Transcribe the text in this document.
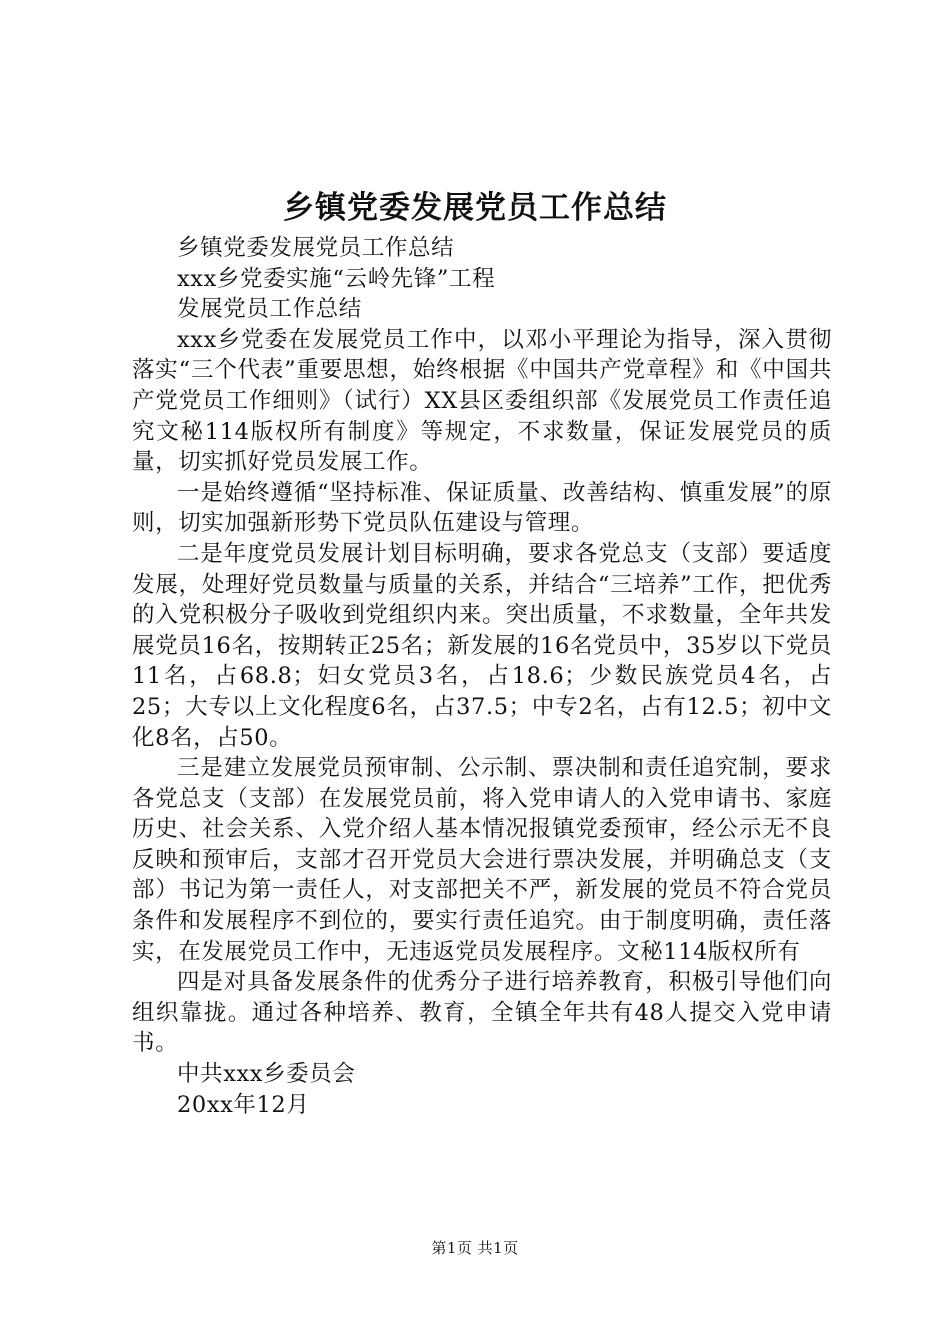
乡镇党委发展党员工作总结

乡镇党委发展党员工作总结

xxx乡党委实施“云岭先锋”工程

发展党员工作总结

xxx乡党委在发展党员工作中，以邓小平理论为指导，深入贯彻落实“三个代表”重要思想，始终根据《中国共产党章程》和《中国共产党党员工作细则》（试行）XX县区委组织部《发展党员工作责任追究文秘114版权所有制度》等规定，不求数量，保证发展党员的质量，切实抓好党员发展工作。

一是始终遵循“坚持标准、保证质量、改善结构、慎重发展”的原则，切实加强新形势下党员队伍建设与管理。

二是年度党员发展计划目标明确，要求各党总支（支部）要适度发展，处理好党员数量与质量的关系，并结合“三培养”工作，把优秀的入党积极分子吸收到党组织内来。突出质量，不求数量，全年共发展党员16名，按期转正25名；新发展的16名党员中，35岁以下党员11名，占68.8；妇女党员3名，占18.6；少数民族党员4名，占25；大专以上文化程度6名，占37.5；中专2名，占有12.5；初中文化8名，占50。

三是建立发展党员预审制、公示制、票决制和责任追究制，要求各党总支（支部）在发展党员前，将入党申请人的入党申请书、家庭历史、社会关系、入党介绍人基本情况报镇党委预审，经公示无不良反映和预审后，支部才召开党员大会进行票决发展，并明确总支（支部）书记为第一责任人，对支部把关不严，新发展的党员不符合党员条件和发展程序不到位的，要实行责任追究。由于制度明确，责任落实，在发展党员工作中，无违返党员发展程序。文秘114版权所有

四是对具备发展条件的优秀分子进行培养教育，积极引导他们向组织靠拢。通过各种培养、教育，全镇全年共有48人提交入党申请书。

中共xxx乡委员会

20xx年12月

第1页 共1页
